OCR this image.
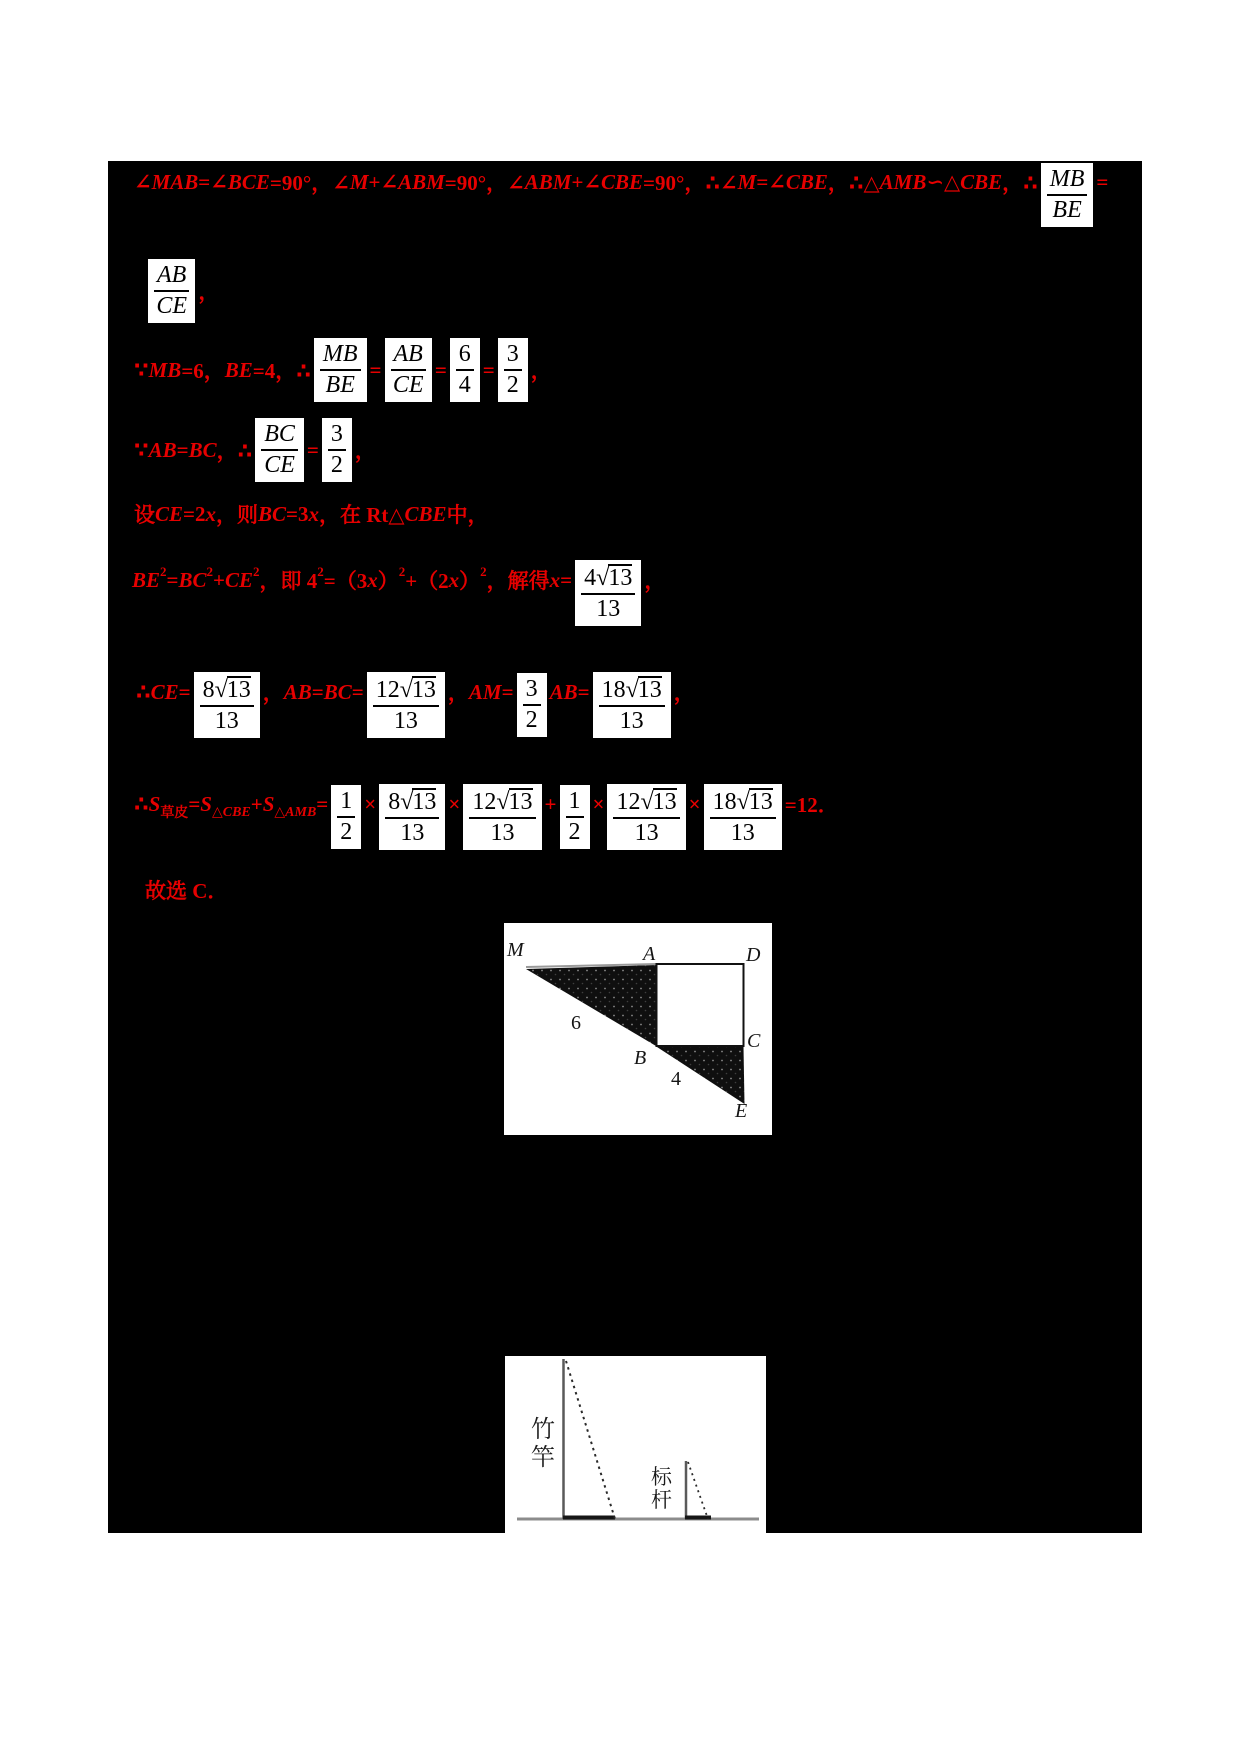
∠ MAB =∠ BCE =90°，∠ M +∠ ABM =90°，∠ ABM +∠ CBE =90°，∴∠ M =∠ CBE ，∴△ AMB ∽△ CBE ，∴ $\frac{MB}{BE}$ =
$\frac{AB}{CE}$ ，
∵ MB =6， BE =4，∴ $\frac{MB}{BE} = \frac{AB}{CE} = \frac{6}{4} = \frac{3}{2}$ ，
∵ AB = BC ，∴ $\frac{BC}{CE} = \frac{3}{2}$ ，
设 CE =2 x ，则 BC =3 x ，在 Rt△ CBE 中，
BE 2 = BC 2 + CE 2 ，即 4 2 =（3 x ） 2 +（2 x ） 2 ，解得 $x = \frac{4 √ 13}{13}$ ，
∴ CE = $\frac{8 √ 13}{13}$ ， AB = BC = $\frac{12 √ 13}{13}$ ， AM = $\frac{3}{2}$ AB = $\frac{18 √ 13}{13}$ ，
∴ S 草皮 = S △CBE + S △AMB = $\frac{1}{2} \times \frac{8 √ 13}{13} \times \frac{12 √ 13}{13} + \frac{1}{2} \times \frac{12 √ 13}{13} \times \frac{18 √ 13}{13} =12$．
故选 C．
M	A	D
B
C
E
6
4
竹竿
标杆
